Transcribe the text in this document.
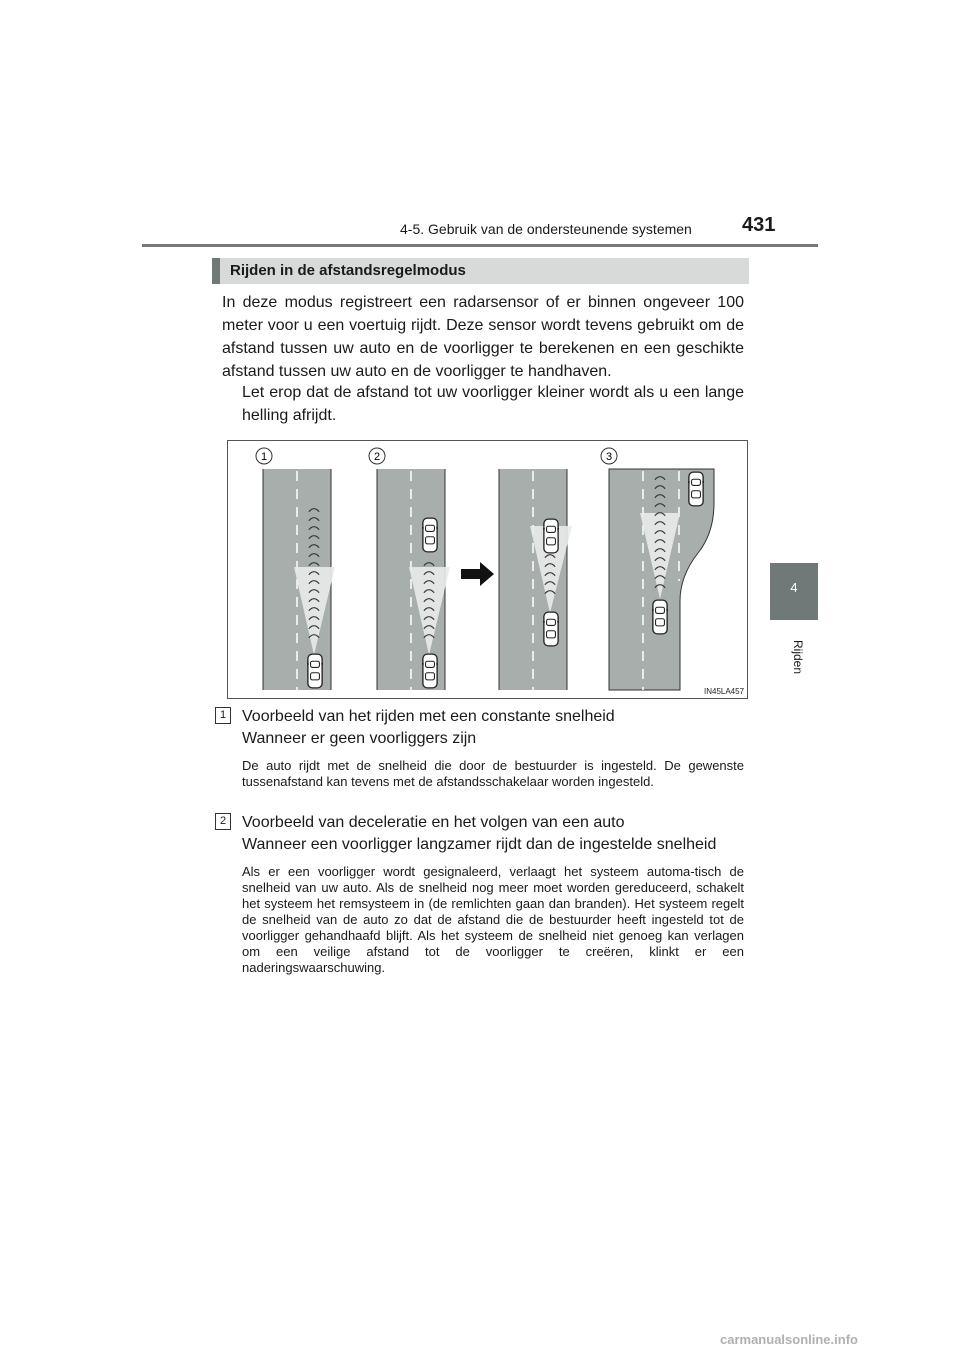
4-5. Gebruik van de ondersteunende systemen	431
4
Rijden
Rijden in de afstandsregelmodus
In deze modus registreert een radarsensor of er binnen ongeveer 100 meter voor u een voertuig rijdt. Deze sensor wordt tevens gebruikt om de afstand tussen uw auto en de voorligger te berekenen en een geschikte afstand tussen uw auto en de voorligger te handhaven.
Let erop dat de afstand tot uw voorligger kleiner wordt als u een lange helling afrijdt.
1	2	3
IN45LA457
1 Voorbeeld van het rijden met een constante snelheid
Wanneer er geen voorliggers zijn
De auto rijdt met de snelheid die door de bestuurder is ingesteld. De gewenste tussenafstand kan tevens met de afstandsschakelaar worden ingesteld.
2 Voorbeeld van deceleratie en het volgen van een auto
Wanneer een voorligger langzamer rijdt dan de ingestelde snelheid
Als er een voorligger wordt gesignaleerd, verlaagt het systeem automa-tisch de snelheid van uw auto. Als de snelheid nog meer moet worden gereduceerd, schakelt het systeem het remsysteem in (de remlichten gaan dan branden). Het systeem regelt de snelheid van de auto zo dat de afstand die de bestuurder heeft ingesteld tot de voorligger gehandhaafd blijft. Als het systeem de snelheid niet genoeg kan verlagen om een veilige afstand tot de voorligger te creëren, klinkt er een naderingswaarschuwing.
carmanualsonline.info
